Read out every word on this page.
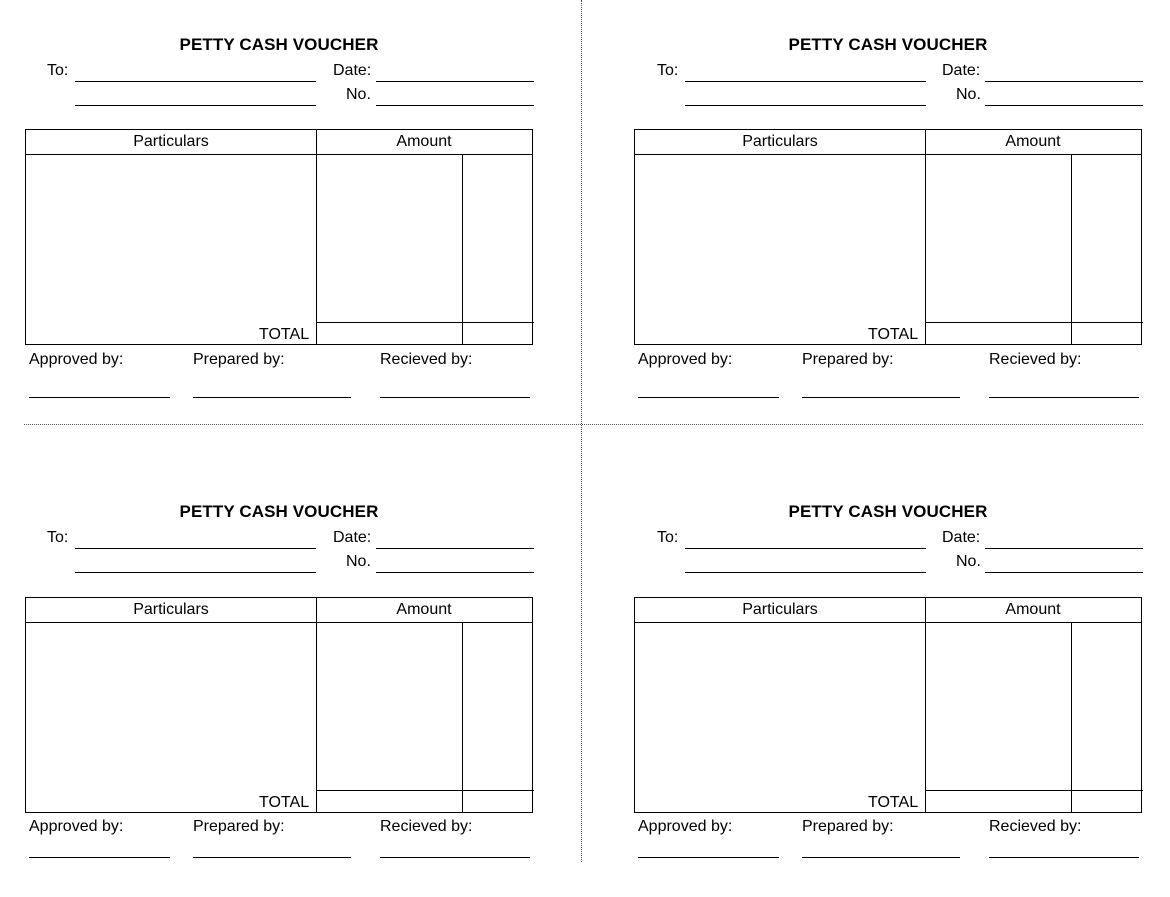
PETTY CASH VOUCHER
To:	Date:
No.
Particulars	Amount
TOTAL
Approved by:	Prepared by:	Recieved by:
PETTY CASH VOUCHER
To:	Date:
No.
Particulars	Amount
TOTAL
Approved by:	Prepared by:	Recieved by:
PETTY CASH VOUCHER
To:	Date:
No.
Particulars	Amount
TOTAL
Approved by:	Prepared by:	Recieved by:
PETTY CASH VOUCHER
To:	Date:
No.
Particulars	Amount
TOTAL
Approved by:	Prepared by:	Recieved by:
